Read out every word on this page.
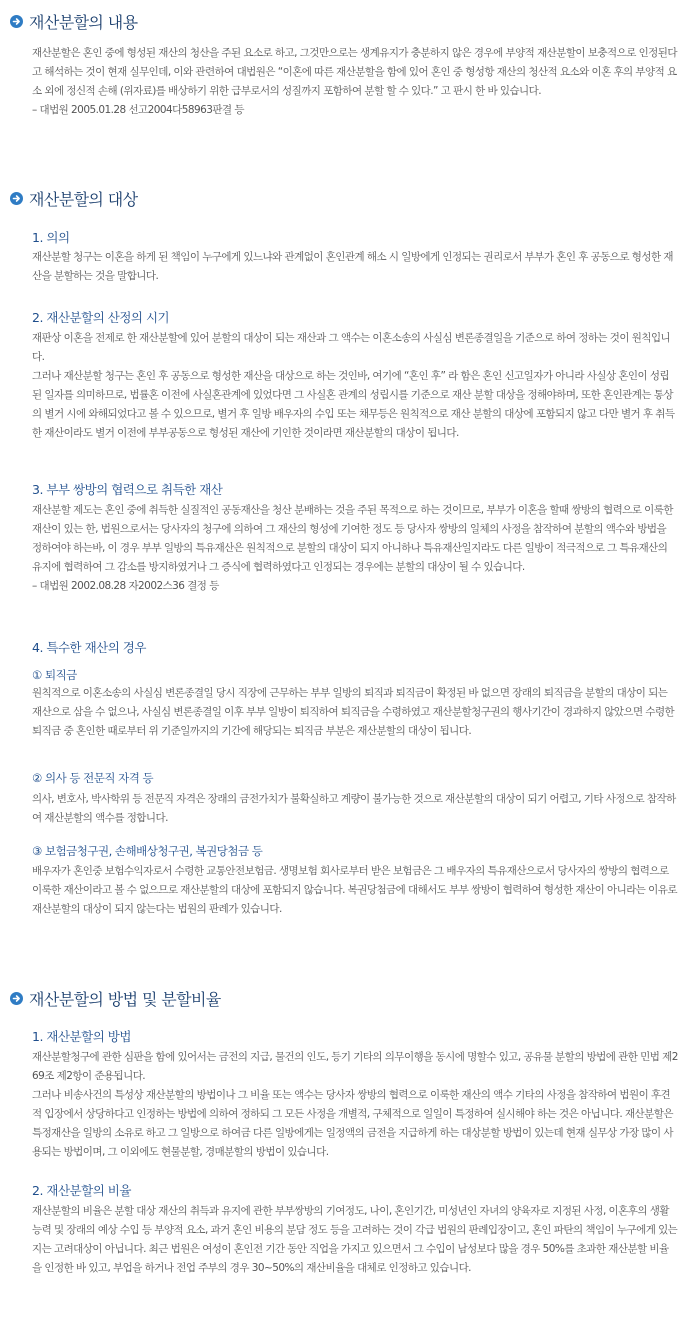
재산분할의 내용

재산분할은 혼인 중에 형성된 재산의 청산을 주된 요소로 하고, 그것만으로는 생계유지가 충분하지 않은 경우에 부양적 재산분할이 보충적으로 인정된다고 해석하는 것이 현재 실무인데, 이와 관련하여 대법원은 “이혼에 따른 재산분할을 함에 있어 혼인 중 형성항 재산의 청산적 요소와 이혼 후의 부양적 요소 외에 정신적 손해 (위자료)를 배상하기 위한 급부로서의 성질까지 포함하여 분할 할 수 있다.” 고 판시 한 바 있습니다.

– 대법원 2005.01.28 선고2004다58963판결 등

재산분할의 대상
1. 의의

재산분할 청구는 이혼을 하게 된 책임이 누구에게 있느냐와 관계없이 혼인관계 해소 시 일방에게 인정되는 권리로서 부부가 혼인 후 공동으로 형성한 재산을 분할하는 것을 말합니다.

2. 재산분할의 산정의 시기

재판상 이혼을 전제로 한 재산분할에 있어 분할의 대상이 되는 재산과 그 액수는 이혼소송의 사실심 변론종결일을 기준으로 하여 정하는 것이 원칙입니다.

그러나 재산분할 청구는 혼인 후 공동으로 형성한 재산을 대상으로 하는 것인바, 여기에 “혼인 후” 라 함은 혼인 신고일자가 아니라 사실상 혼인이 성립된 일자를 의미하므로, 법률혼 이전에 사실혼관계에 있었다면 그 사실혼 관계의 성립시를 기준으로 재산 분할 대상을 정해야하며, 또한 혼인관계는 통상의 별거 시에 와해되었다고 볼 수 있으므로, 별거 후 일방 배우자의 수입 또는 채무등은 원칙적으로 재산 분할의 대상에 포함되지 않고 다만 별거 후 취득한 재산이라도 별거 이전에 부부공동으로 형성된 재산에 기인한 것이라면 재산분할의 대상이 됩니다.

3. 부부 쌍방의 협력으로 취득한 재산

재산분할 제도는 혼인 중에 취득한 실질적인 공동재산을 청산 분배하는 것을 주된 목적으로 하는 것이므로, 부부가 이혼을 할때 쌍방의 협력으로 이룩한 재산이 있는 한, 법원으로서는 당사자의 청구에 의하여 그 재산의 형성에 기여한 정도 등 당사자 쌍방의 일체의 사정을 참작하여 분할의 액수와 방법을 정하여야 하는바, 이 경우 부부 일방의 특유재산은 원칙적으로 분할의 대상이 되지 아니하나 특유재산일지라도 다른 일방이 적극적으로 그 특유재산의 유지에 협력하여 그 감소를 방지하였거나 그 증식에 협력하였다고 인정되는 경우에는 분할의 대상이 될 수 있습니다.

– 대법원 2002.08.28 자2002스36 결정 등

4. 특수한 재산의 경우
① 퇴직금

원칙적으로 이혼소송의 사실심 변론종결일 당시 직장에 근무하는 부부 일방의 퇴직과 퇴직금이 확정된 바 없으면 장래의 퇴직금을 분할의 대상이 되는 재산으로 삼을 수 없으나, 사실심 변론종결일 이후 부부 일방이 퇴직하여 퇴직금을 수령하였고 재산분할청구권의 행사기간이 경과하지 않았으면 수령한 퇴직금 중 혼인한 때로부터 위 기준일까지의 기간에 해당되는 퇴직금 부분은 재산분할의 대상이 됩니다.

② 의사 등 전문직 자격 등

의사, 변호사, 박사학위 등 전문직 자격은 장래의 금전가치가 불확실하고 계량이 불가능한 것으로 재산분할의 대상이 되기 어렵고, 기타 사정으로 참작하여 재산분할의 액수를 정합니다.

③ 보험금청구권, 손해배상청구권, 복권당첨금 등

배우자가 혼인중 보험수익자로서 수령한 교통안전보험금. 생명보험 회사로부터 받은 보험금은 그 배우자의 특유재산으로서 당사자의 쌍방의 협력으로 이룩한 재산이라고 볼 수 없으므로 재산분할의 대상에 포함되지 않습니다. 복권당첨금에 대해서도 부부 쌍방이 협력하여 형성한 재산이 아니라는 이유로 재산분할의 대상이 되지 않는다는 법원의 판례가 있습니다.

재산분할의 방법 및 분할비율
1. 재산분할의 방법

재산분할청구에 관한 심판을 함에 있어서는 금전의 지급, 물건의 인도, 등기 기타의 의무이행을 동시에 명할수 있고, 공유물 분할의 방법에 관한 민법 제269조 제2항이 준용됩니다.

그러나 비송사건의 특성상 재산분할의 방법이나 그 비율 또는 액수는 당사자 쌍방의 협력으로 이룩한 재산의 액수 기타의 사정을 참작하여 법원이 후견적 입장에서 상당하다고 인정하는 방법에 의하여 정하되 그 모든 사정을 개별적, 구체적으로 일일이 특정하여 실시해야 하는 것은 아닙니다. 재산분할은 특정재산을 일방의 소유로 하고 그 일방으로 하여금 다른 일방에게는 일정액의 금전을 지급하게 하는 대상분할 방법이 있는데 현재 실무상 가장 많이 사용되는 방법이며, 그 이외에도 현물분할, 경매분할의 방법이 있습니다.

2. 재산분할의 비율

재산분할의 비율은 분할 대상 재산의 취득과 유지에 관한 부부쌍방의 기여정도, 나이, 혼인기간, 미성년인 자녀의 양육자로 지정된 사정, 이혼후의 생활능력 및 장래의 예상 수입 등 부양적 요소, 과거 혼인 비용의 분담 정도 등을 고려하는 것이 각급 법원의 판례입장이고, 혼인 파탄의 책임이 누구에게 있는지는 고려대상이 아닙니다. 최근 법원은 여성이 혼인전 기간 동안 직업을 가지고 있으면서 그 수입이 남성보다 많을 경우 50%를 초과한 재산분할 비율을 인정한 바 있고, 부업을 하거나 전업 주부의 경우 30~50%의 재산비율을 대체로 인정하고 있습니다.
